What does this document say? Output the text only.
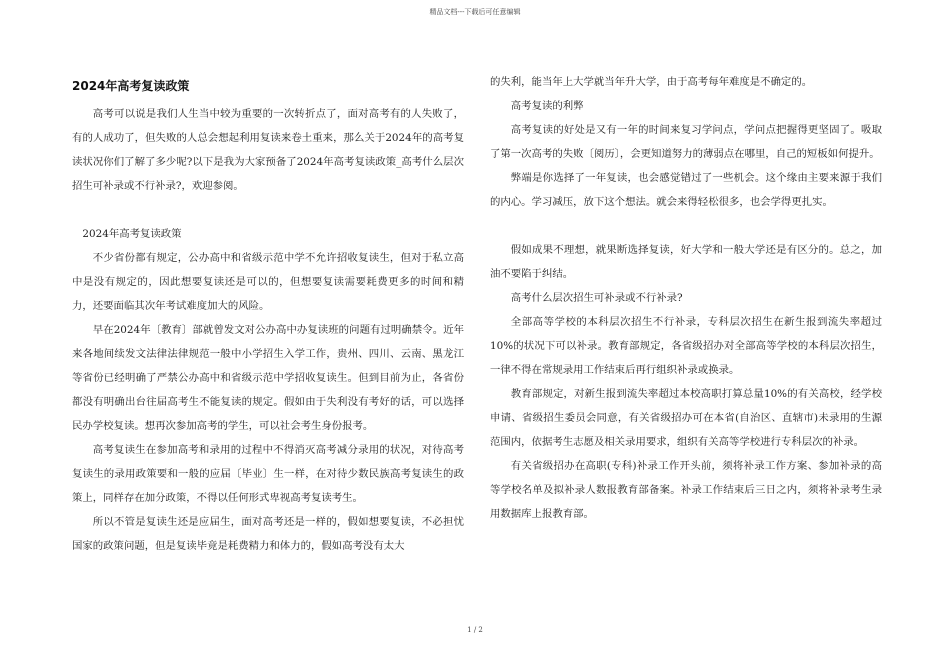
精品文档---下载后可任意编辑
2024年高考复读政策

高考可以说是我们人生当中较为重要的一次转折点了，面对高考有的人失败了，有的人成功了，但失败的人总会想起利用复读来卷土重来，那么关于2024年的高考复读状况你们了解了多少呢?以下是我为大家预备了2024年高考复读政策_高考什么层次招生可补录或不行补录?，欢迎参阅。

2024年高考复读政策

不少省份都有规定，公办高中和省级示范中学不允许招收复读生，但对于私立高中是没有规定的，因此想要复读还是可以的，但想要复读需要耗费更多的时间和精力，还要面临其次年考试难度加大的风险。

早在2024年〔教育〕部就曾发文对公办高中办复读班的问题有过明确禁令。近年来各地间续发文法律法律规范一般中小学招生入学工作，贵州、四川、云南、黑龙江等省份已经明确了严禁公办高中和省级示范中学招收复读生。但到目前为止，各省份都没有明确出台往届高考生不能复读的规定。假如由于失利没有考好的话，可以选择民办学校复读。想再次参加高考的学生，可以社会考生身份报考。

高考复读生在参加高考和录用的过程中不得消灭高考减分录用的状况，对待高考复读生的录用政策要和一般的应届〔毕业〕生一样，在对待少数民族高考复读生的政策上，同样存在加分政策，不得以任何形式卑视高考复读考生。

所以不管是复读生还是应届生，面对高考还是一样的，假如想要复读，不必担忧国家的政策问题，但是复读毕竟是耗费精力和体力的，假如高考没有太大

的失利，能当年上大学就当年升大学，由于高考每年难度是不确定的。

高考复读的利弊

高考复读的好处是又有一年的时间来复习学问点，学问点把握得更坚固了。吸取了第一次高考的失败〔阅历〕，会更知道努力的薄弱点在哪里，自己的短板如何提升。

弊端是你选择了一年复读，也会感觉错过了一些机会。这个缘由主要来源于我们的内心。学习减压，放下这个想法。就会来得轻松很多，也会学得更扎实。

假如成果不理想，就果断选择复读，好大学和一般大学还是有区分的。总之，加油不要陷于纠结。

高考什么层次招生可补录或不行补录?

全部高等学校的本科层次招生不行补录，专科层次招生在新生报到流失率超过10%的状况下可以补录。教育部规定，各省级招办对全部高等学校的本科层次招生，一律不得在常规录用工作结束后再行组织补录或换录。

教育部规定，对新生报到流失率超过本校高职打算总量10%的有关高校，经学校申请、省级招生委员会同意，有关省级招办可在本省(自治区、直辖市)未录用的生源范围内，依据考生志愿及相关录用要求，组织有关高等学校进行专科层次的补录。

有关省级招办在高职(专科)补录工作开头前，须将补录工作方案、参加补录的高等学校名单及拟补录人数报教育部备案。补录工作结束后三日之内，须将补录考生录用数据库上报教育部。

1 / 2
